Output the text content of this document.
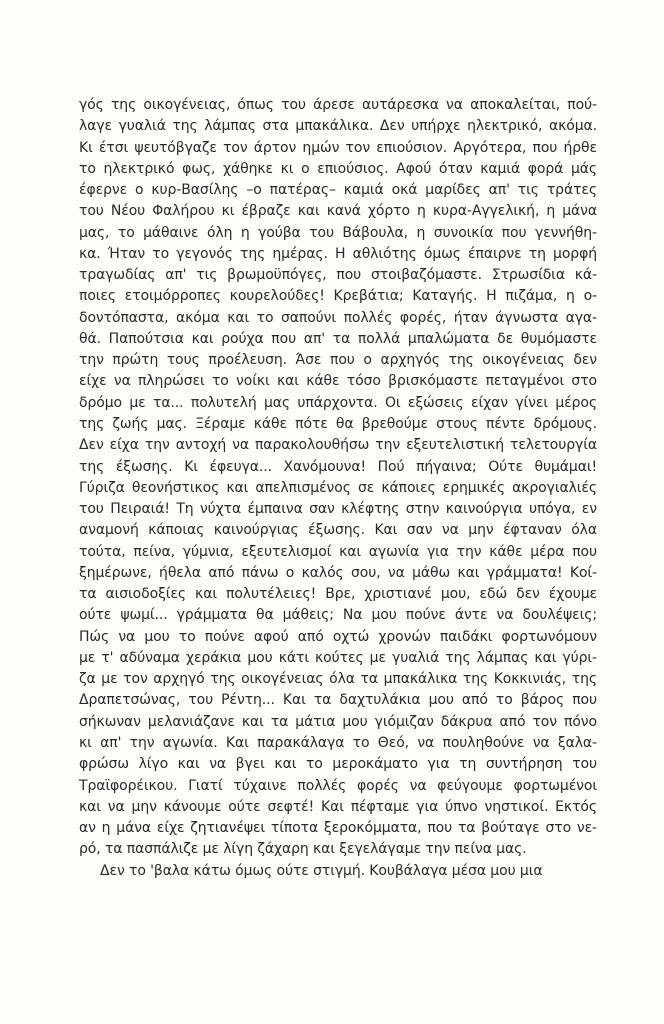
γός της οικογένειας, όπως του άρεσε αυτάρεσκα να αποκαλείται, πού-
λαγε γυαλιά της λάμπας στα μπακάλικα. Δεν υπήρχε ηλεκτρικό, ακόμα.
Κι έτσι ψευτόβγαζε τον άρτον ημών τον επιούσιον. Αργότερα, που ήρθε
το ηλεκτρικό φως, χάθηκε κι ο επιούσιος. Αφού όταν καμιά φορά μάς
έφερνε ο κυρ-Βασίλης –ο πατέρας– καμιά οκά μαρίδες απ' τις τράτες
του Νέου Φαλήρου κι έβραζε και κανά χόρτο η κυρα-Αγγελική, η μάνα
μας, το μάθαινε όλη η γούβα του Βάβουλα, η συνοικία που γεννήθη-
κα. Ήταν το γεγονός της ημέρας. Η αθλιότης όμως έπαιρνε τη μορφή
τραγωδίας απ' τις βρωμοϋπόγες, που στοιβαζόμαστε. Στρωσίδια κά-
ποιες ετοιμόρροπες κουρελούδες! Κρεβάτια; Καταγής. Η πιζάμα, η ο-
δοντόπαστα, ακόμα και το σαπούνι πολλές φορές, ήταν άγνωστα αγα-
θά. Παπούτσια και ρούχα που απ' τα πολλά μπαλώματα δε θυμόμαστε
την πρώτη τους προέλευση. Άσε που ο αρχηγός της οικογένειας δεν
είχε να πληρώσει το νοίκι και κάθε τόσο βρισκόμαστε πεταγμένοι στο
δρόμο με τα... πολυτελή μας υπάρχοντα. Οι εξώσεις είχαν γίνει μέρος
της ζωής μας. Ξέραμε κάθε πότε θα βρεθούμε στους πέντε δρόμους.
Δεν είχα την αντοχή να παρακολουθήσω την εξευτελιστική τελετουργία
της έξωσης. Κι έφευγα... Χανόμουνα! Πού πήγαινα; Ούτε θυμάμαι!
Γύριζα θεονήστικος και απελπισμένος σε κάποιες ερημικές ακρογιαλιές
του Πειραιά! Τη νύχτα έμπαινα σαν κλέφτης στην καινούργια υπόγα, εν
αναμονή κάποιας καινούργιας έξωσης. Και σαν να μην έφταναν όλα
τούτα, πείνα, γύμνια, εξευτελισμοί και αγωνία για την κάθε μέρα που
ξημέρωνε, ήθελα από πάνω ο καλός σου, να μάθω και γράμματα! Κοί-
τα αισιοδοξίες και πολυτέλειες! Βρε, χριστιανέ μου, εδώ δεν έχουμε
ούτε ψωμί... γράμματα θα μάθεις; Να μου πούνε άντε να δουλέψεις;
Πώς να μου το πούνε αφού από οχτώ χρονών παιδάκι φορτωνόμουν
με τ' αδύναμα χεράκια μου κάτι κούτες με γυαλιά της λάμπας και γύρι-
ζα με τον αρχηγό της οικογένειας όλα τα μπακάλικα της Κοκκινιάς, της
Δραπετσώνας, του Ρέντη... Και τα δαχτυλάκια μου από το βάρος που
σήκωναν μελανιάζανε και τα μάτια μου γιόμιζαν δάκρυα από τον πόνο
κι απ' την αγωνία. Και παρακάλαγα το Θεό, να πουληθούνε να ξαλα-
φρώσω λίγο και να βγει και το μεροκάματο για τη συντήρηση του
Τραϊφορέικου. Γιατί τύχαινε πολλές φορές να φεύγουμε φορτωμένοι
και να μην κάνουμε ούτε σεφτέ! Και πέφταμε για ύπνο νηστικοί. Εκτός
αν η μάνα είχε ζητιανέψει τίποτα ξεροκόμματα, που τα βούταγε στο νε-
ρό, τα πασπάλιζε με λίγη ζάχαρη και ξεγελάγαμε την πείνα μας.
Δεν το 'βαλα κάτω όμως ούτε στιγμή. Κουβάλαγα μέσα μου μια
